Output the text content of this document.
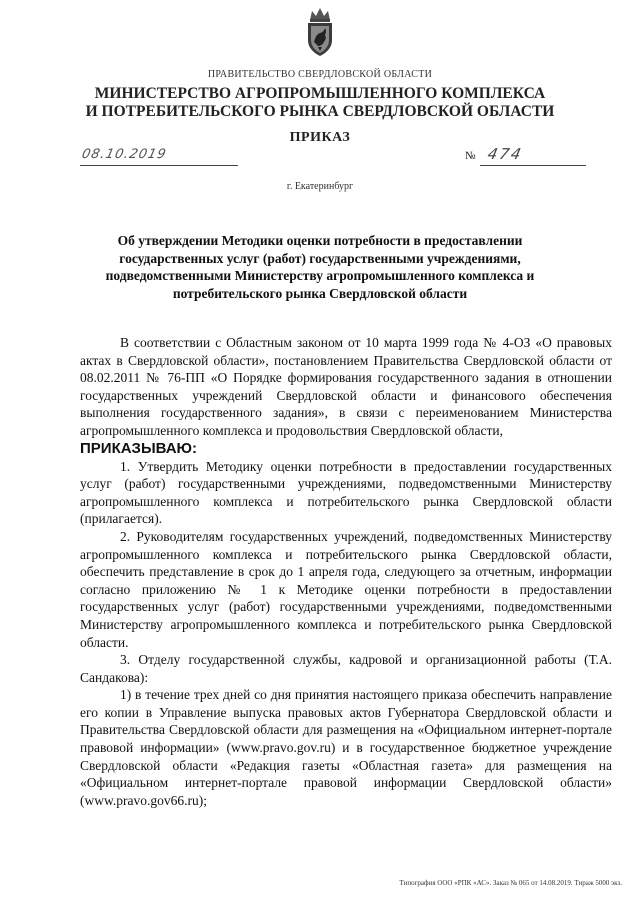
ПРАВИТЕЛЬСТВО СВЕРДЛОВСКОЙ ОБЛАСТИ
МИНИСТЕРСТВО АГРОПРОМЫШЛЕННОГО КОМПЛЕКСА
И ПОТРЕБИТЕЛЬСКОГО РЫНКА СВЕРДЛОВСКОЙ ОБЛАСТИ
ПРИКАЗ
08.10.2019	№ 474
г. Екатеринбург
Об утверждении Методики оценки потребности в предоставлении государственных услуг (работ) государственными учреждениями, подведомственными Министерству агропромышленного комплекса и потребительского рынка Свердловской области

В соответствии с Областным законом от 10 марта 1999 года № 4-ОЗ «О правовых актах в Свердловской области», постановлением Правительства Свердловской области от 08.02.2011 № 76-ПП «О Порядке формирования государственного задания в отношении государственных учреждений Свердловской области и финансового обеспечения выполнения государственного задания», в связи с переименованием Министерства агропромышленного комплекса и продовольствия Свердловской области,

ПРИКАЗЫВАЮ:

1. Утвердить Методику оценки потребности в предоставлении государственных услуг (работ) государственными учреждениями, подведомственными Министерству агропромышленного комплекса и потребительского рынка Свердловской области (прилагается).

2. Руководителям государственных учреждений, подведомственных Министерству агропромышленного комплекса и потребительского рынка Свердловской области, обеспечить представление в срок до 1 апреля года, следующего за отчетным, информации согласно приложению № 1 к Методике оценки потребности в предоставлении государственных услуг (работ) государственными учреждениями, подведомственными Министерству агропромышленного комплекса и потребительского рынка Свердловской области.

3. Отделу государственной службы, кадровой и организационной работы (Т.А. Сандакова):

1) в течение трех дней со дня принятия настоящего приказа обеспечить направление его копии в Управление выпуска правовых актов Губернатора Свердловской области и Правительства Свердловской области для размещения на «Официальном интернет-портале правовой информации» (www.pravo.gov.ru) и в государственное бюджетное учреждение Свердловской области «Редакция газеты «Областная газета» для размещения на «Официальном интернет-портале правовой информации Свердловской области» (www.pravo.gov66.ru);

Типография ООО «РПК «АС». Заказ № 065 от 14.08.2019. Тираж 5000 экз.
